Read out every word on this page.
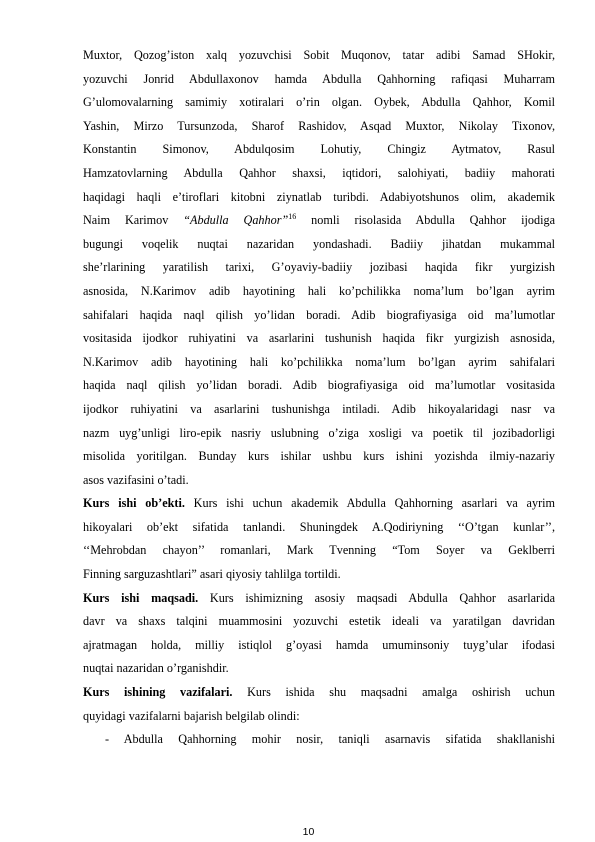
Muxtor, Qozog’iston xalq yozuvchisi Sobit Muqonov, tatar adibi Samad SHokir,
yozuvchi Jonrid Abdullaxonov hamda Abdulla Qahhorning rafiqasi Muharram
G’ulomovalarning samimiy xotiralari o’rin olgan. Oybek, Abdulla Qahhor, Komil
Yashin, Mirzo Tursunzoda, Sharof Rashidov, Asqad Muxtor, Nikolay Tixonov,
Konstantin Simonov, Abdulqosim Lohutiy, Chingiz Aytmatov, Rasul
Hamzatovlarning Abdulla Qahhor shaxsi, iqtidori, salohiyati, badiiy mahorati
haqidagi haqli e’tiroflari kitobni ziynatlab turibdi. Adabiyotshunos olim, akademik
Naim Karimov “Abdulla Qahhor”$^{16}$ nomli risolasida Abdulla Qahhor ijodiga
bugungi voqelik nuqtai nazaridan yondashadi. Badiiy jihatdan mukammal
she’rlarining yaratilish tarixi, G’oyaviy-badiiy jozibasi haqida fikr yurgizish
asnosida, N.Karimov adib hayotining hali ko’pchilikka noma’lum bo’lgan ayrim
sahifalari haqida naql qilish yo’lidan boradi. Adib biografiyasiga oid ma’lumotlar
vositasida ijodkor ruhiyatini va asarlarini tushunish haqida fikr yurgizish asnosida,
N.Karimov adib hayotining hali ko’pchilikka noma’lum bo’lgan ayrim sahifalari
haqida naql qilish yo’lidan boradi. Adib biografiyasiga oid ma’lumotlar vositasida
ijodkor ruhiyatini va asarlarini tushunishga intiladi. Adib hikoyalaridagi nasr va
nazm uyg’unligi liro-epik nasriy uslubning o’ziga xosligi va poetik til jozibadorligi
misolida yoritilgan. Bunday kurs ishilar ushbu kurs ishini yozishda ilmiy-nazariy
asos vazifasini o’tadi.
Kurs ishi ob’ekti. Kurs ishi uchun akademik Abdulla Qahhorning asarlari va ayrim
hikoyalari ob’ekt sifatida tanlandi. Shuningdek A.Qodiriyning ‘‘O’tgan kunlar’’,
‘‘Mehrobdan chayon’’ romanlari, Mark Tvenning “Tom Soyer va Geklberri
Finning sarguzashtlari” asari qiyosiy tahlilga tortildi.
Kurs ishi maqsadi. Kurs ishimizning asosiy maqsadi Abdulla Qahhor asarlarida
davr va shaxs talqini muammosini yozuvchi estetik ideali va yaratilgan davridan
ajratmagan holda, milliy istiqlol g’oyasi hamda umuminsoniy tuyg’ular ifodasi
nuqtai nazaridan o’rganishdir.
Kurs ishining vazifalari. Kurs ishida shu maqsadni amalga oshirish uchun
quyidagi vazifalarni bajarish belgilab olindi:
- Abdulla Qahhorning mohir nosir, taniqli asarnavis sifatida shakllanishi
10
